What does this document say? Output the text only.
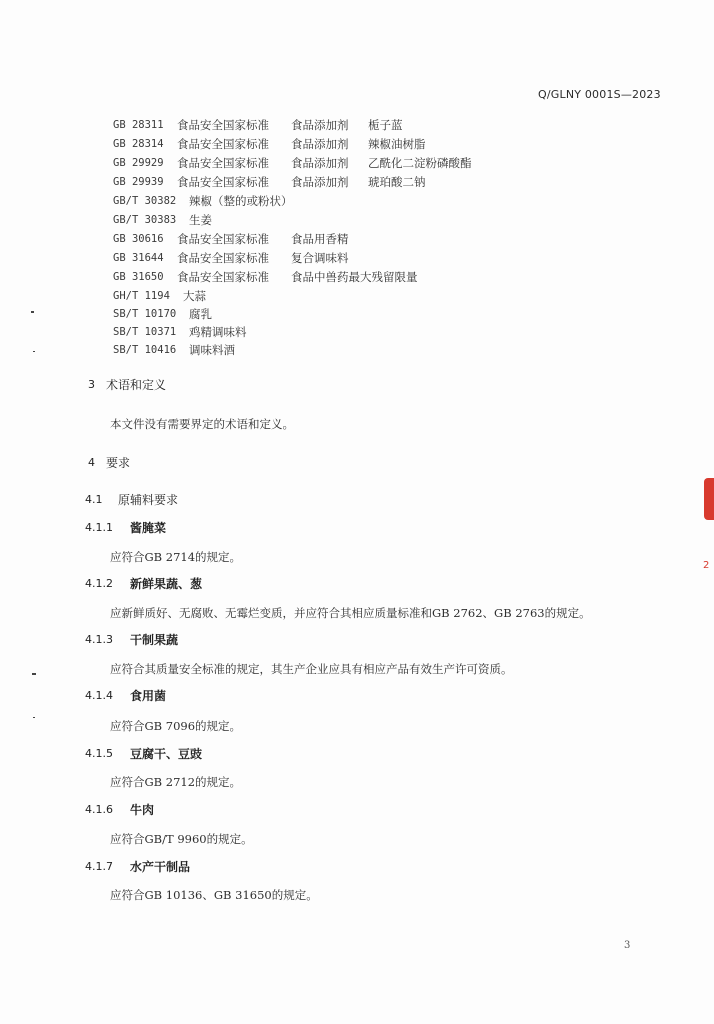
Q/GLNY 0001S—2023
GB 28311 食品安全国家标准 食品添加剂 栀子蓝
GB 28314 食品安全国家标准 食品添加剂 辣椒油树脂
GB 29929 食品安全国家标准 食品添加剂 乙酰化二淀粉磷酸酯
GB 29939 食品安全国家标准 食品添加剂 琥珀酸二钠
GB/T 30382 辣椒（整的或粉状）
GB/T 30383 生姜
GB 30616 食品安全国家标准 食品用香精
GB 31644 食品安全国家标准 复合调味料
GB 31650 食品安全国家标准 食品中兽药最大残留限量
GH/T 1194 大蒜
SB/T 10170 腐乳
SB/T 10371 鸡精调味料
SB/T 10416 调味料酒
3 术语和定义
本文件没有需要界定的术语和定义。
4 要求
4.1 原辅料要求
4.1.1 酱腌菜
应符合GB 2714的规定。
4.1.2 新鲜果蔬、葱
应新鲜质好、无腐败、无霉烂变质，并应符合其相应质量标准和GB 2762、GB 2763的规定。
4.1.3 干制果蔬
应符合其质量安全标准的规定，其生产企业应具有相应产品有效生产许可资质。
4.1.4 食用菌
应符合GB 7096的规定。
4.1.5 豆腐干、豆豉
应符合GB 2712的规定。
4.1.6 牛肉
应符合GB/T 9960的规定。
4.1.7 水产干制品
应符合GB 10136、GB 31650的规定。
3
2
